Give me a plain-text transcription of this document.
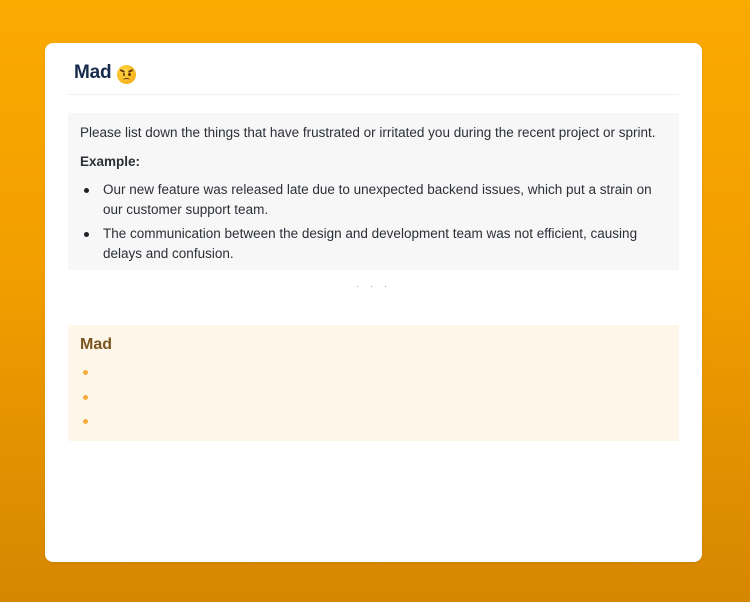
Mad

Please list down the things that have frustrated or irritated you during the recent project or sprint.

Example:

Our new feature was released late due to unexpected backend issues, which put a strain on our customer support team.
The communication between the design and development team was not efficient, causing delays and confusion.
· · ·
Mad
